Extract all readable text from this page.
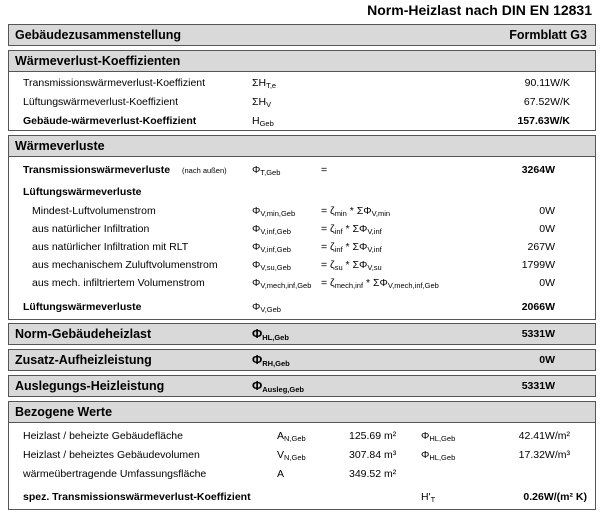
Norm-Heizlast nach DIN EN 12831
Gebäudezusammenstellung	Formblatt G3
Wärmeverlust-Koeffizienten
Transmissionswärmeverlust-Koeffizient	$\Sigma H_{T,e}$	90.11W/K
Lüftungswärmeverlust-Koeffizient	$\Sigma H_V$	67.52W/K
Gebäude-wärmeverlust-Koeffizient	$H_{Geb}$	157.63W/K
Wärmeverluste
Transmissionswärmeverluste (nach außen) $\Phi_{T,Geb}$	=	3264W
Lüftungswärmeverluste
Mindest-Luftvolumenstrom	$\Phi_{V,min,Geb} = \zeta_{min} * \Sigma\Phi_{V,min}$	0W
aus natürlicher Infiltration	$\Phi_{V,inf,Geb}$	= $\zeta_{inf} * \Sigma\Phi_{V,inf}$	0W
aus natürlicher Infiltration mit RLT	$\Phi_{V,inf,Geb}$	= $\zeta_{inf} * \Sigma\Phi_{V,inf}$	267W
aus mechanischem Zuluftvolumenstrom	$\Phi_{V,su,Geb}$	= $\zeta_{su} * \Sigma\Phi_{V,su}$	1799W
aus mech. infiltriertem Volumenstrom	$\Phi_{V,mech,inf,Geb} = \zeta_{mech,inf} * \Sigma\Phi_{V,mech,inf,Geb}$	0W
Lüftungswärmeverluste	$\Phi_{V,Geb}$	2066W
Norm-Gebäudeheizlast	$\Phi_{HL,Geb}$	5331W
Zusatz-Aufheizleistung	$\Phi_{RH,Geb}$	0W
Auslegungs-Heizleistung	$\Phi_{Ausleg,Geb}$	5331W
Bezogene Werte
Heizlast / beheizte Gebäudefläche	$A_{N,Geb}$	125.69 m² $\Phi_{HL,Geb}$	42.41W/m²
Heizlast / beheiztes Gebäudevolumen	$V_{N,Geb}$	307.84 m³ $\Phi_{HL,Geb}$	17.32W/m³
wärmeübertragende Umfassungsfläche	A	349.52 m²
spez. Transmissionswärmeverlust-Koeffizient	$H'_T$	0.26W/(m² K)
